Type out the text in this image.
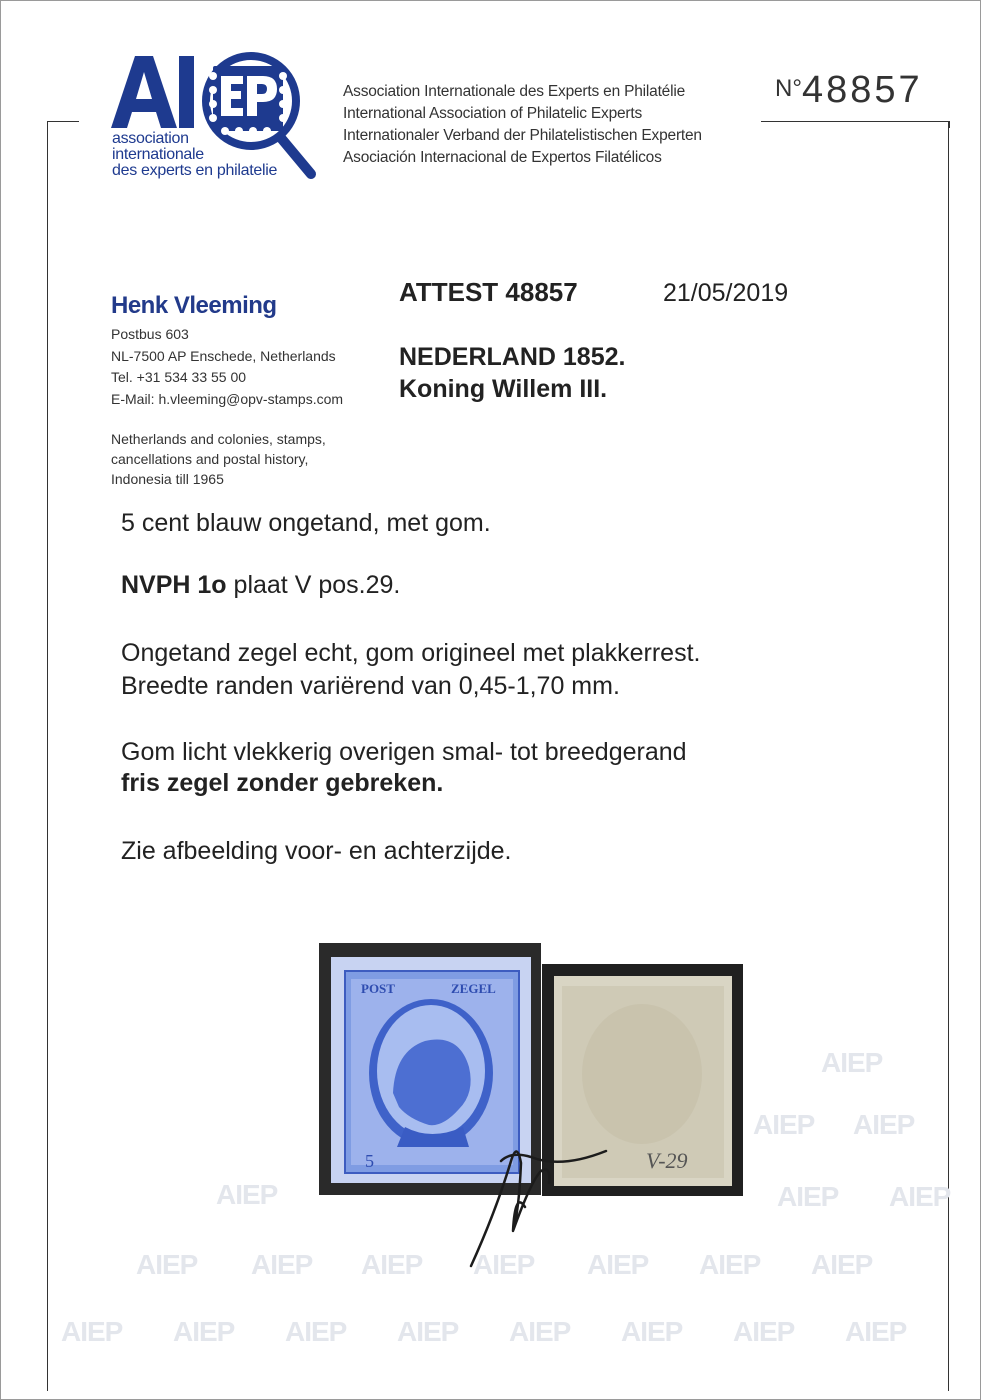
association
internationale
des experts en philatelie
Association Internationale des Experts en Philatélie
International Association of Philatelic Experts
Internationaler Verband der Philatelistischen Experten
Asociación Internacional de Expertos Filatélicos
N°48857
Henk Vleeming
Postbus 603
NL-7500 AP Enschede, Netherlands
Tel. +31 534 33 55 00
E-Mail: h.vleeming@opv-stamps.com
Netherlands and colonies, stamps,
cancellations and postal history,
Indonesia till 1965
ATTEST 48857	21/05/2019
NEDERLAND 1852.
Koning Willem III.
5 cent blauw ongetand, met gom.
NVPH 1o plaat V pos.29.
Ongetand zegel echt, gom origineel met plakkerrest.
Breedte randen variërend van 0,45-1,70 mm.
Gom licht vlekkerig overigen smal- tot breedgerand
fris zegel zonder gebreken.
Zie afbeelding voor- en achterzijde.
AIEP
AIEP AIEP
AIEP	AIEP AIEP
AIEP AIEP AIEP AIEP AIEP AIEP AIEP
AIEP AIEP AIEP AIEP AIEP AIEP AIEP AIEP
POST	ZEGEL
5	V-29
